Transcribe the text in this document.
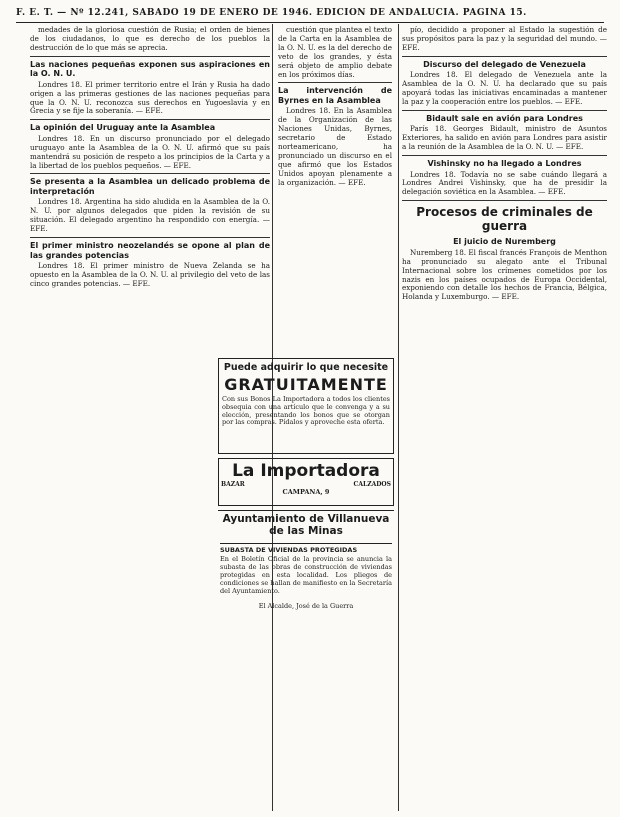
F. E. T. — Nº 12.241, SABADO 19 DE ENERO DE 1946. EDICION DE ANDALUCIA. PAGINA 15.

medades de la gloriosa cuestión de Rusia; el orden de bienes de los ciudadanos, lo que es derecho de los pueblos la destrucción de lo que más se aprecia.

Las naciones pequeñas exponen sus aspiraciones en la O. N. U.

Londres 18. El primer territorio entre el Irán y Rusia ha dado origen a las primeras gestiones de las naciones pequeñas para que la O. N. U. reconozca sus derechos en Yugoeslavia y en Grecia y se fije la soberanía. — EFE.

La opinión del Uruguay ante la Asamblea

Londres 18. En un discurso pronunciado por el delegado uruguayo ante la Asamblea de la O. N. U. afirmó que su país mantendrá su posición de respeto a los principios de la Carta y a la libertad de los pueblos pequeños. — EFE.

Se presenta a la Asamblea un delicado problema de interpretación

Londres 18. Argentina ha sido aludida en la Asamblea de la O. N. U. por algunos delegados que piden la revisión de su situación. El delegado argentino ha respondido con energía. — EFE.

El primer ministro neozelandés se opone al plan de las grandes potencias

Londres 18. El primer ministro de Nueva Zelanda se ha opuesto en la Asamblea de la O. N. U. al privilegio del veto de las cinco grandes potencias. — EFE.

cuestión que plantea el texto de la Carta en la Asamblea de la O. N. U. es la del derecho de veto de los grandes, y ésta será objeto de amplio debate en los próximos días.

La intervención de Byrnes en la Asamblea

Londres 18. En la Asamblea de la Organización de las Naciones Unidas, Byrnes, secretario de Estado norteamericano, ha pronunciado un discurso en el que afirmó que los Estados Unidos apoyan plenamente a la organización. — EFE.

Puede adquirir lo que necesite
GRATUITAMENTE
Con sus Bonos La Importadora a todos los clientes obsequia con una artículo que le convenga y a su elección, presentando los bonos que se otorgan por las compras. Pídalos y aproveche esta oferta.
La Importadora
BAZAR	CALZADOS
CAMPANA, 9
Ayuntamiento de Villanueva de las Minas
SUBASTA DE VIVIENDAS PROTEGIDAS
En el Boletín Oficial de la provincia se anuncia la subasta de las obras de construcción de viviendas protegidas en esta localidad. Los pliegos de condiciones se hallan de manifiesto en la Secretaría del Ayuntamiento.
El Alcalde, José de la Guerra

pío, decidido a proponer al Estado la sugestión de sus propósitos para la paz y la seguridad del mundo. — EFE.

Discurso del delegado de Venezuela

Londres 18. El delegado de Venezuela ante la Asamblea de la O. N. U. ha declarado que su país apoyará todas las iniciativas encaminadas a mantener la paz y la cooperación entre los pueblos. — EFE.

Bidault sale en avión para Londres

París 18. Georges Bidault, ministro de Asuntos Exteriores, ha salido en avión para Londres para asistir a la reunión de la Asamblea de la O. N. U. — EFE.

Vishinsky no ha llegado a Londres

Londres 18. Todavía no se sabe cuándo llegará a Londres Andrei Vishinsky, que ha de presidir la delegación soviética en la Asamblea. — EFE.

Procesos de criminales de guerra
El juicio de Nuremberg

Nuremberg 18. El fiscal francés François de Menthon ha pronunciado su alegato ante el Tribunal Internacional sobre los crímenes cometidos por los nazis en los países ocupados de Europa Occidental, exponiendo con detalle los hechos de Francia, Bélgica, Holanda y Luxemburgo. — EFE.
